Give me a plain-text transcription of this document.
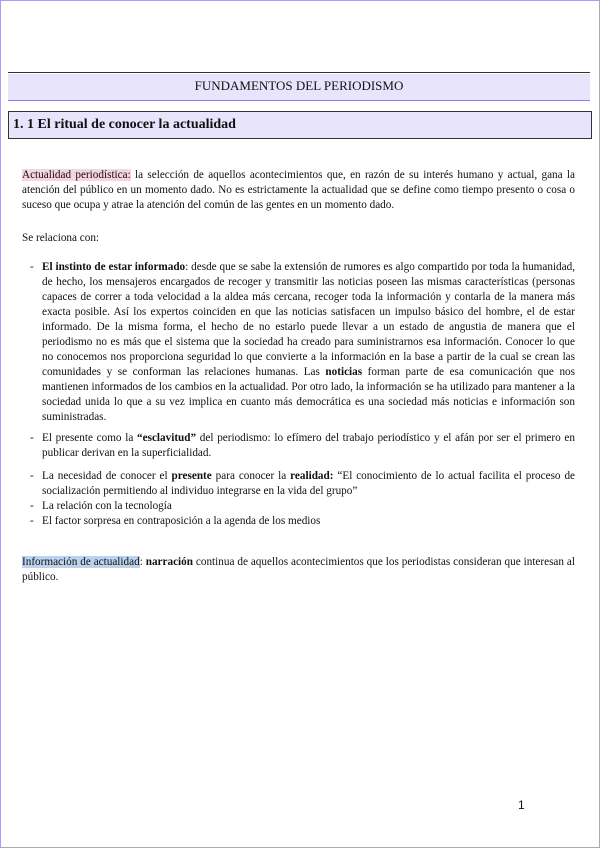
FUNDAMENTOS DEL PERIODISMO
1. 1 El ritual de conocer la actualidad

Actualidad periodística: la selección de aquellos acontecimientos que, en razón de su interés humano y actual, gana la atención del público en un momento dado. No es estrictamente la actualidad que se define como tiempo presento o cosa o suceso que ocupa y atrae la atención del común de las gentes en un momento dado.

Se relaciona con:

- El instinto de estar informado: desde que se sabe la extensión de rumores es algo compartido por toda la humanidad, de hecho, los mensajeros encargados de recoger y transmitir las noticias poseen las mismas características (personas capaces de correr a toda velocidad a la aldea más cercana, recoger toda la información y contarla de la manera más exacta posible. Así los expertos coinciden en que las noticias satisfacen un impulso básico del hombre, el de estar informado. De la misma forma, el hecho de no estarlo puede llevar a un estado de angustia de manera que el periodismo no es más que el sistema que la sociedad ha creado para suministrarnos esa información. Conocer lo que no conocemos nos proporciona seguridad lo que convierte a la información en la base a partir de la cual se crean las comunidades y se conforman las relaciones humanas. Las noticias forman parte de esa comunicación que nos mantienen informados de los cambios en la actualidad. Por otro lado, la información se ha utilizado para mantener a la sociedad unida lo que a su vez implica en cuanto más democrática es una sociedad más noticias e información son suministradas.
- El presente como la “esclavitud” del periodismo: lo efímero del trabajo periodístico y el afán por ser el primero en publicar derivan en la superficialidad.
- La necesidad de conocer el presente para conocer la realidad: “El conocimiento de lo actual facilita el proceso de socialización permitiendo al individuo integrarse en la vida del grupo”
- La relación con la tecnología
- El factor sorpresa en contraposición a la agenda de los medios

Información de actualidad: narración continua de aquellos acontecimientos que los periodistas consideran que interesan al público.

1
